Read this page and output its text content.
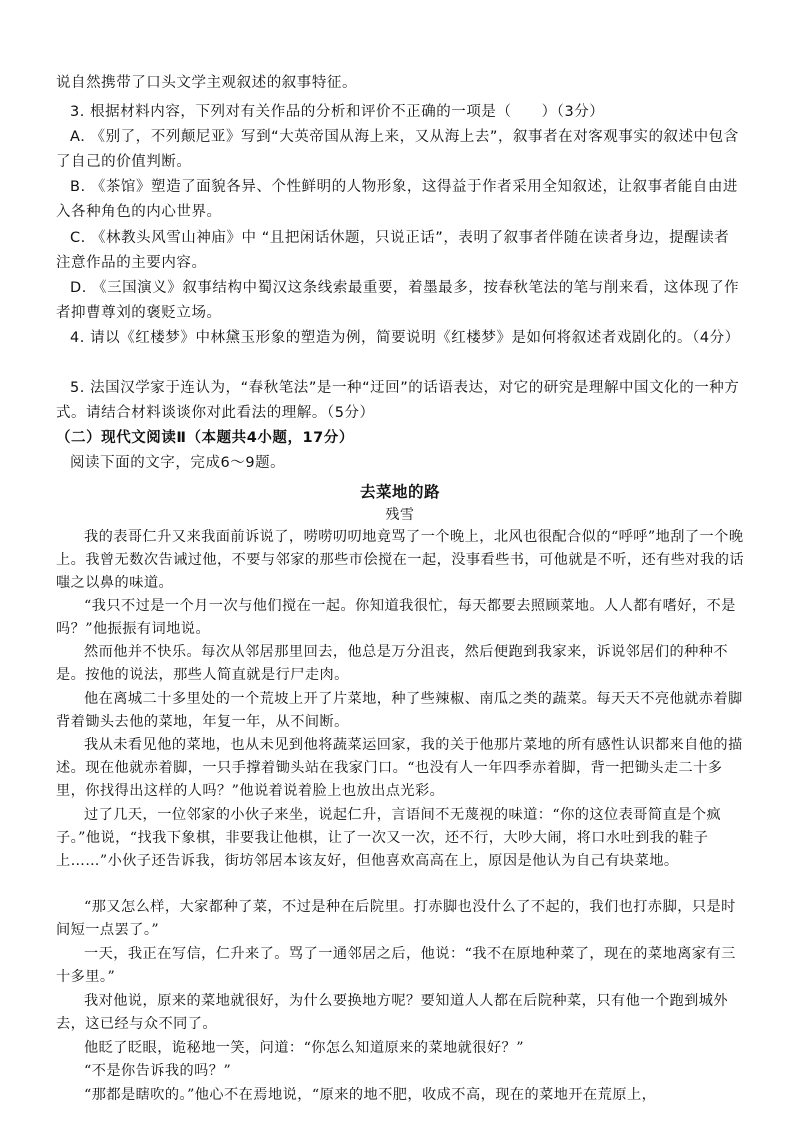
说自然携带了口头文学主观叙述的叙事特征。

3. 根据材料内容，下列对有关作品的分析和评价不正确的一项是（　　）（3分）

A. 《别了，不列颠尼亚》写到“大英帝国从海上来，又从海上去”，叙事者在对客观事实的叙述中包含了自己的价值判断。

B. 《茶馆》塑造了面貌各异、个性鲜明的人物形象，这得益于作者采用全知叙述，让叙事者能自由进入各种角色的内心世界。

C. 《林教头风雪山神庙》中 “且把闲话休题，只说正话”，表明了叙事者伴随在读者身边，提醒读者注意作品的主要内容。

D. 《三国演义》叙事结构中蜀汉这条线索最重要，着墨最多，按春秋笔法的笔与削来看，这体现了作者抑曹尊刘的褒贬立场。

4. 请以《红楼梦》中林黛玉形象的塑造为例，简要说明《红楼梦》是如何将叙述者戏剧化的。（4分）

5. 法国汉学家于连认为，“春秋笔法”是一种“迂回”的话语表达，对它的研究是理解中国文化的一种方式。请结合材料谈谈你对此看法的理解。（5分）

（二）现代文阅读Ⅱ（本题共4小题，17分）

阅读下面的文字，完成6～9题。

去菜地的路

残雪

我的表哥仁升又来我面前诉说了，唠唠叨叨地竟骂了一个晚上，北风也很配合似的“呼呼”地刮了一个晚上。我曾无数次告诫过他，不要与邻家的那些市侩搅在一起，没事看些书，可他就是不听，还有些对我的话嗤之以鼻的味道。

“我只不过是一个月一次与他们搅在一起。你知道我很忙，每天都要去照顾菜地。人人都有嗜好，不是吗？”他振振有词地说。

然而他并不快乐。每次从邻居那里回去，他总是万分沮丧，然后便跑到我家来，诉说邻居们的种种不是。按他的说法，那些人简直就是行尸走肉。

他在离城二十多里处的一个荒坡上开了片菜地，种了些辣椒、南瓜之类的蔬菜。每天天不亮他就赤着脚背着锄头去他的菜地，年复一年，从不间断。

我从未看见他的菜地，也从未见到他将蔬菜运回家，我的关于他那片菜地的所有感性认识都来自他的描述。现在他就赤着脚，一只手撑着锄头站在我家门口。“也没有人一年四季赤着脚，背一把锄头走二十多里，你找得出这样的人吗？”他说着说着脸上也放出点光彩。

过了几天，一位邻家的小伙子来坐，说起仁升，言语间不无蔑视的味道：“你的这位表哥简直是个疯子。”他说，“找我下象棋，非要我让他棋，让了一次又一次，还不行，大吵大闹，将口水吐到我的鞋子上……”小伙子还告诉我，街坊邻居本该友好，但他喜欢高高在上，原因是他认为自己有块菜地。

“那又怎么样，大家都种了菜，不过是种在后院里。打赤脚也没什么了不起的，我们也打赤脚，只是时间短一点罢了。”

一天，我正在写信，仁升来了。骂了一通邻居之后，他说：“我不在原地种菜了，现在的菜地离家有三十多里。”

我对他说，原来的菜地就很好，为什么要换地方呢？要知道人人都在后院种菜，只有他一个跑到城外去，这已经与众不同了。

他眨了眨眼，诡秘地一笑，问道：“你怎么知道原来的菜地就很好？”

“不是你告诉我的吗？”

“那都是瞎吹的。”他心不在焉地说，“原来的地不肥，收成不高，现在的菜地开在荒原上，
